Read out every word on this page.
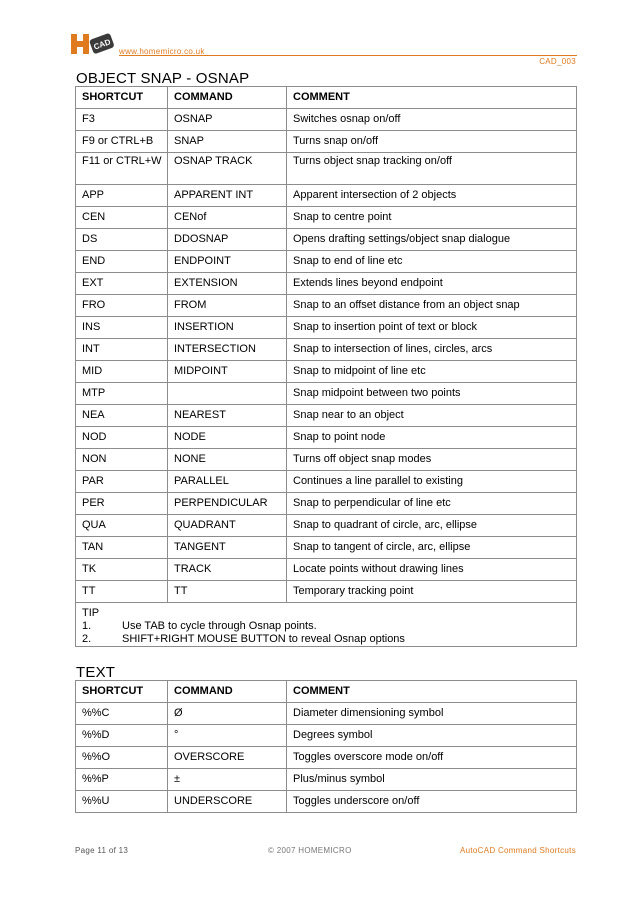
CAD www.homemicro.co.uk
CAD_003
OBJECT SNAP - OSNAP
SHORTCUT	COMMAND	COMMENT
F3	OSNAP	Switches osnap on/off
F9 or CTRL+B	SNAP	Turns snap on/off
F11 or CTRL+W	OSNAP TRACK	Turns object snap tracking on/off
APP	APPARENT INT	Apparent intersection of 2 objects
CEN	CENof	Snap to centre point
DS	DDOSNAP	Opens drafting settings/object snap dialogue
END	ENDPOINT	Snap to end of line etc
EXT	EXTENSION	Extends lines beyond endpoint
FRO	FROM	Snap to an offset distance from an object snap
INS	INSERTION	Snap to insertion point of text or block
INT	INTERSECTION	Snap to intersection of lines, circles, arcs
MID	MIDPOINT	Snap to midpoint of line etc
MTP		Snap midpoint between two points
NEA	NEAREST	Snap near to an object
NOD	NODE	Snap to point node
NON	NONE	Turns off object snap modes
PAR	PARALLEL	Continues a line parallel to existing
PER	PERPENDICULAR	Snap to perpendicular of line etc
QUA	QUADRANT	Snap to quadrant of circle, arc, ellipse
TAN	TANGENT	Snap to tangent of circle, arc, ellipse
TK	TRACK	Locate points without drawing lines
TT	TT	Temporary tracking point

TIP
1. Use TAB to cycle through Osnap points.
2. SHIFT+RIGHT MOUSE BUTTON to reveal Osnap options		
TEXT
SHORTCUT	COMMAND	COMMENT
%%C	Ø	Diameter dimensioning symbol
%%D	°	Degrees symbol
%%O	OVERSCORE	Toggles overscore mode on/off
%%P	±	Plus/minus symbol
%%U	UNDERSCORE	Toggles underscore on/off
Page 11 of 13	© 2007 HOMEMICRO	AutoCAD Command Shortcuts
